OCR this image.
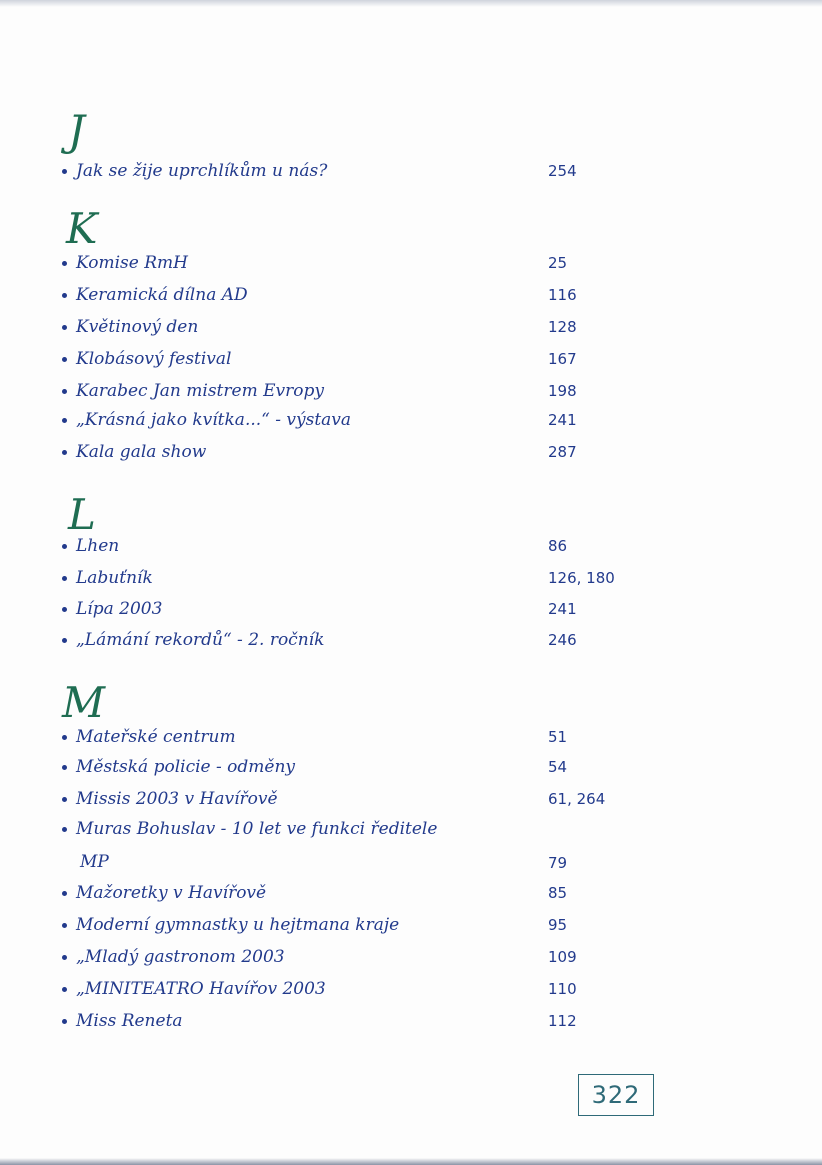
J
Jak se žije uprchlíkům u nás?	254
K
Komise RmH	25
Keramická dílna AD	116
Květinový den	128
Klobásový festival	167
Karabec Jan mistrem Evropy	198
„Krásná jako kvítka...“ - výstava	241
Kala gala show	287
L
Lhen	86
Labuťník	126, 180
Lípa 2003	241
„Lámání rekordů“ - 2. ročník	246
M
Mateřské centrum	51
Městská policie - odměny	54
Missis 2003 v Havířově	61, 264
Muras Bohuslav - 10 let ve funkci ředitele
MP	79
Mažoretky v Havířově	85
Moderní gymnastky u hejtmana kraje	95
„Mladý gastronom 2003	109
„MINITEATRO Havířov 2003	110
Miss Reneta	112
322
